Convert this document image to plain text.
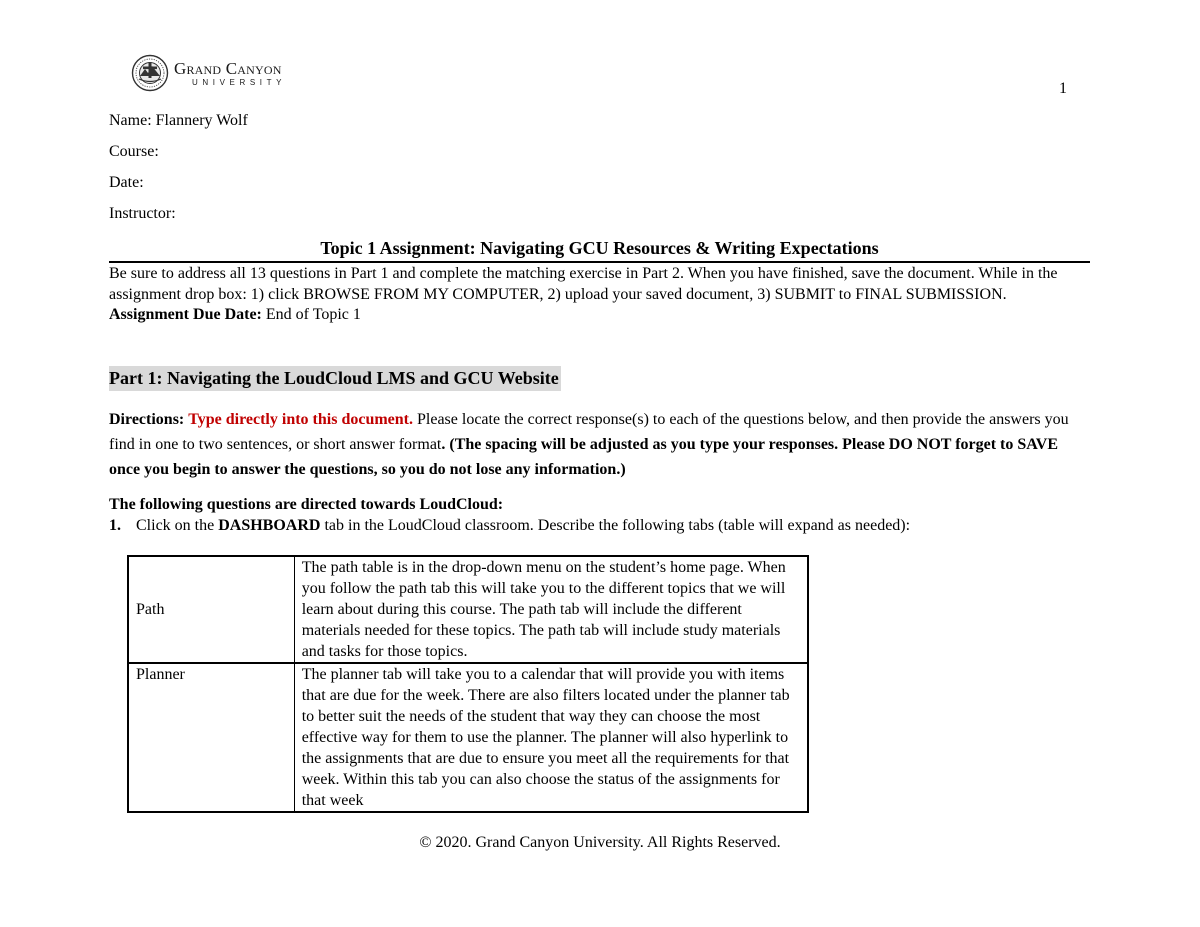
Grand Canyon
UNIVERSITY	1
Name: Flannery Wolf
Course:
Date:
Instructor:
Topic 1 Assignment: Navigating GCU Resources & Writing Expectations
Be sure to address all 13 questions in Part 1 and complete the matching exercise in Part 2. When you have finished, save the document. While in the assignment drop box: 1) click BROWSE FROM MY COMPUTER, 2) upload your saved document, 3) SUBMIT to FINAL SUBMISSION.
Assignment Due Date: End of Topic 1
Part 1: Navigating the LoudCloud LMS and GCU Website
Directions: Type directly into this document. Please locate the correct response(s) to each of the questions below, and then provide the answers you find in one to two sentences, or short answer format. (The spacing will be adjusted as you type your responses. Please DO NOT forget to SAVE once you begin to answer the questions, so you do not lose any information.)
The following questions are directed towards LoudCloud:
1. Click on the DASHBOARD tab in the LoudCloud classroom. Describe the following tabs (table will expand as needed):
Path	The path table is in the drop-down menu on the student’s home page. When you follow the path tab this will take you to the different topics that we will learn about during this course. The path tab will include the different materials needed for these topics. The path tab will include study materials and tasks for those topics.
Planner	The planner tab will take you to a calendar that will provide you with items that are due for the week. There are also filters located under the planner tab to better suit the needs of the student that way they can choose the most effective way for them to use the planner. The planner will also hyperlink to the assignments that are due to ensure you meet all the requirements for that week. Within this tab you can also choose the status of the assignments for that week
© 2020. Grand Canyon University. All Rights Reserved.
